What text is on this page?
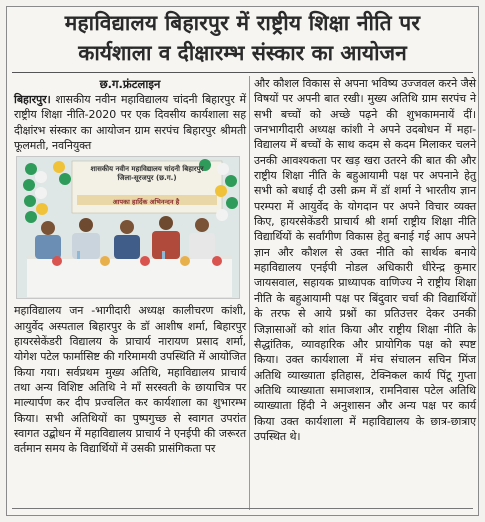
महाविद्यालय बिहारपुर में राष्ट्रीय शिक्षा नीति पर
कार्यशाला व दीक्षारम्भ संस्कार का आयोजन
छ.ग.फ्रंटलाइन

बिहारपुर। शासकीय नवीन महाविद्यालय चांदनी बिहारपुर में राष्ट्रीय शिक्षा नीति-2020 पर एक दिवसीय कार्यशाला सह दीक्षांरभ संस्कार का आयोजन ग्राम सरपंच बिहारपुर श्रीमती फूलमती, नवनियुक्त

शासकीय नवीन महाविद्यालय चांदनी बिहारपुर
जिला-सूरजपुर (छ.ग.)
आपका हार्दिक अभिनन्दन है

महाविद्यालय जन -भागीदारी अध्यक्ष कालीचरण कांशी, आयुर्वेद अस्पताल बिहारपुर के डॉ आशीष शर्मा, बिहारपुर हायरसेकेंडरी विद्यालय के प्राचार्य नारायण प्रसाद शर्मा, योगेश पटेल फार्मासिष्ट की गरिमामयी उपस्थिति में आयोजित किया गया। सर्वप्रथम मुख्य अतिथि, महाविद्यालय प्राचार्य तथा अन्य विशिष्ट अतिथि ने माँ सरस्वती के छायाचित्र पर माल्यार्पण कर दीप प्रज्वलित कर कार्यशाला का शुभारम्भ किया। सभी अतिथियों का पुष्पगुच्छ से स्वागत उपरांत स्वागत उद्बोधन में महाविद्यालय प्राचार्य ने एनईपी की जरूरत वर्तमान समय के विद्यार्थियों में उसकी प्रासंगिकता पर

और कौशल विकास से अपना भविष्य उज्जवल करने जैसे विषयों पर अपनी बात रखी। मुख्य अतिथि ग्राम सरपंच ने सभी बच्चों को अच्छे पढ़ने की शुभकामनायें दीं। जनभागीदारी अध्यक्ष कांशी ने अपने उदबोधन में महा-विद्यालय में बच्चों के साथ कदम से कदम मिलाकर चलने उनकी आवश्यकता पर खड़ खरा उतरने की बात की और राष्ट्रीय शिक्षा नीति के बहुआयामी पक्ष पर अपनाने हेतु सभी को बधाई दी उसी क्रम में डॉ शर्मा ने भारतीय ज्ञान परम्परा में आयुर्वेद के योगदान पर अपने विचार व्यक्त किए, हायरसेकेंडरी प्राचार्य श्री शर्मा राष्ट्रीय शिक्षा नीति विद्यार्थियों के सर्वांगीण विकास हेतु बनाई गई आप अपने ज्ञान और कौशल से उक्त नीति को सार्थक बनाये महाविद्यालय एनईपी नोडल अधिकारी धीरेन्द्र कुमार जायसवाल, सहायक प्राध्यापक वाणिज्य ने राष्ट्रीय शिक्षा नीति के बहुआयामी पक्ष पर बिंदुवार चर्चा की विद्यार्थियों के तरफ से आये प्रश्नों का प्रतिउत्तर देकर उनकी जिज्ञासाओं को शांत किया और राष्ट्रीय शिक्षा नीति के सैद्धांतिक, व्यावहारिक और प्रायोगिक पक्ष को स्पष्ट किया। उक्त कार्यशाला में मंच संचालन सचिन मिंज अतिथि व्याख्याता इतिहास, टेक्निकल कार्य पिंटू गुप्ता अतिथि व्याख्याता समाजशात्र, रामनिवास पटेल अतिथि व्याख्याता हिंदी ने अनुशासन और अन्य पक्ष पर कार्य किया उक्त कार्यशाला में महाविद्यालय के छात्र-छात्राए उपस्थित थे।
